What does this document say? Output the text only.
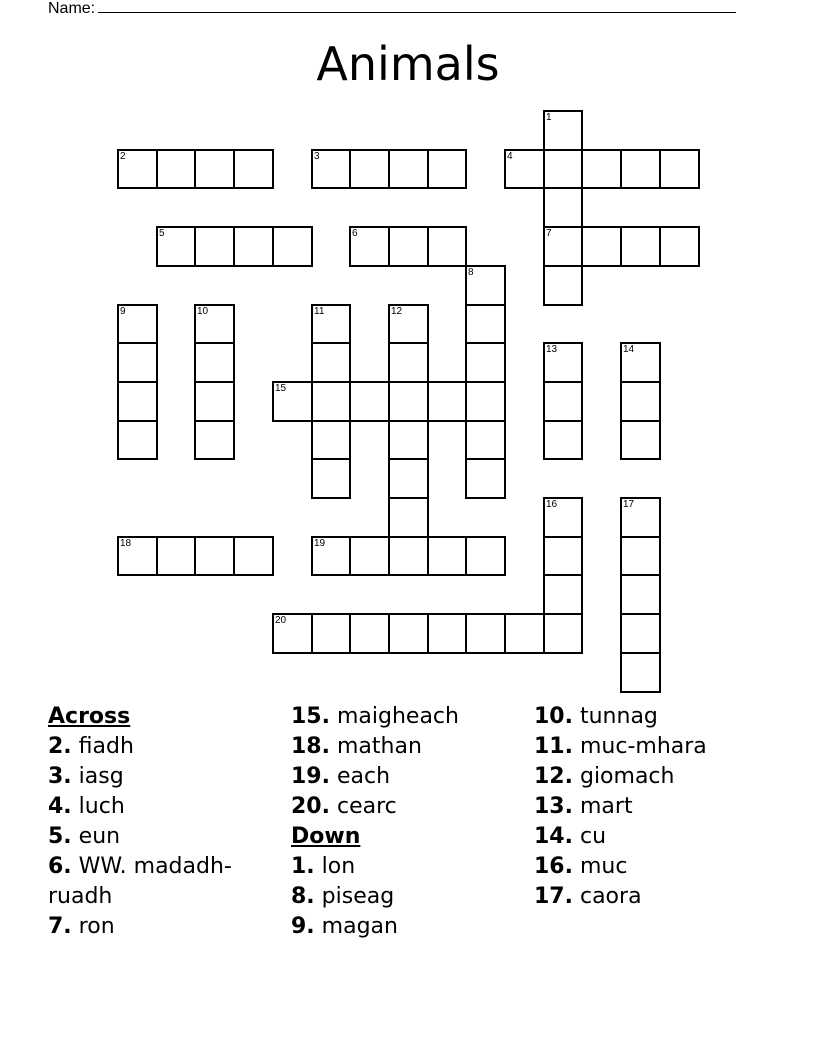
Name:
Animals
1
2	3	4
5	6	7
8
9	10	11	12
13	14
15
16	17
18	19
20
Across
2. fiadh
3. iasg
4. luch
5. eun
6. WW. madadh-ruadh
7. ron
15. maigheach
18. mathan
19. each
20. cearc
Down
1. lon
8. piseag
9. magan
10. tunnag
11. muc-mhara
12. giomach
13. mart
14. cu
16. muc
17. caora
